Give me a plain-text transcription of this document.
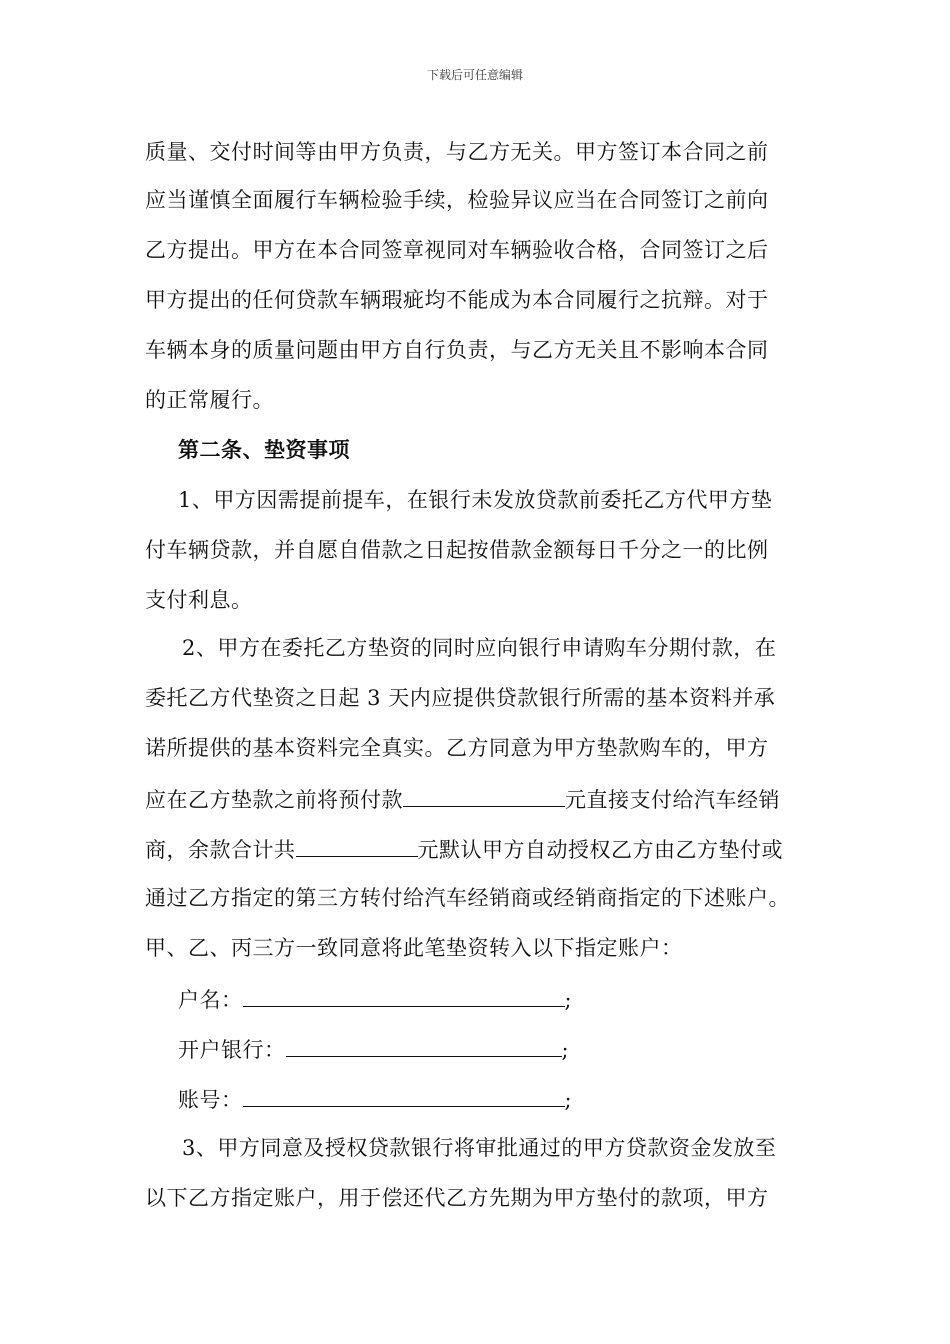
下载后可任意编辑
质量、交付时间等由甲方负责，与乙方无关。甲方签订本合同之前
应当谨慎全面履行车辆检验手续，检验异议应当在合同签订之前向
乙方提出。甲方在本合同签章视同对车辆验收合格，合同签订之后
甲方提出的任何贷款车辆瑕疵均不能成为本合同履行之抗辩。对于
车辆本身的质量问题由甲方自行负责，与乙方无关且不影响本合同
的正常履行。
第二条、垫资事项
1、甲方因需提前提车，在银行未发放贷款前委托乙方代甲方垫
付车辆贷款，并自愿自借款之日起按借款金额每日千分之一的比例
支付利息。
2、甲方在委托乙方垫资的同时应向银行申请购车分期付款，在
委托乙方代垫资之日起 3 天内应提供贷款银行所需的基本资料并承
诺所提供的基本资料完全真实。乙方同意为甲方垫款购车的，甲方
应在乙方垫款之前将预付款	元直接支付给汽车经销
商，余款合计共	元默认甲方自动授权乙方由乙方垫付或
通过乙方指定的第三方转付给汽车经销商或经销商指定的下述账户。
甲、乙、丙三方一致同意将此笔垫资转入以下指定账户：
户名：	;
开户银行：	;
账号：	;
3、甲方同意及授权贷款银行将审批通过的甲方贷款资金发放至
以下乙方指定账户，用于偿还代乙方先期为甲方垫付的款项，甲方
